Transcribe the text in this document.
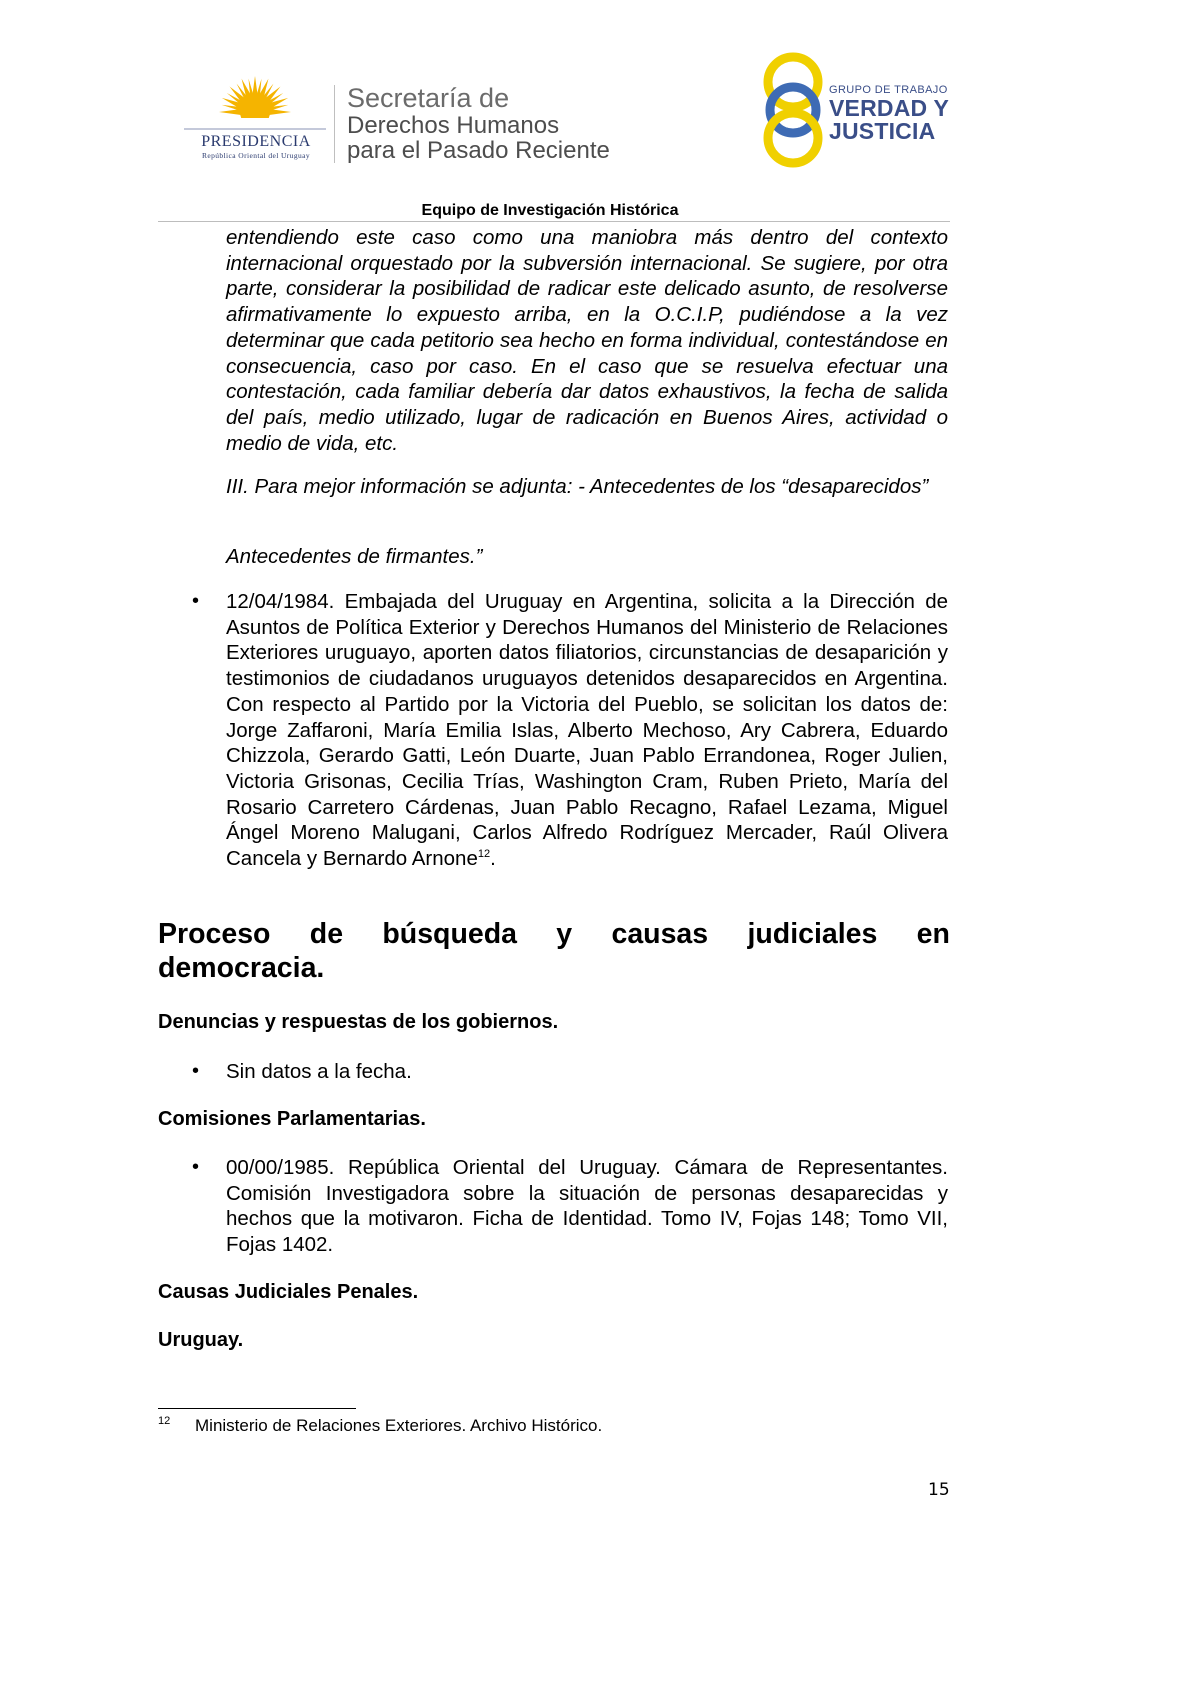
PRESIDENCIA
República Oriental del Uruguay
Secretaría de
Derechos Humanos
para el Pasado Reciente
GRUPO DE TRABAJO
VERDAD Y
JUSTICIA
Equipo de Investigación Histórica

entendiendo este caso como una maniobra más dentro del contexto internacional orquestado por la subversión internacional. Se sugiere, por otra parte, considerar la posibilidad de radicar este delicado asunto, de resolverse afirmativamente lo expuesto arriba, en la O.C.I.P, pudiéndose a la vez determinar que cada petitorio sea hecho en forma individual, contestándose en consecuencia, caso por caso. En el caso que se resuelva efectuar una contestación, cada familiar debería dar datos exhaustivos, la fecha de salida del país, medio utilizado, lugar de radicación en Buenos Aires, actividad o medio de vida, etc.

III. Para mejor información se adjunta: - Antecedentes de los “desaparecidos”

Antecedentes de firmantes.”

• 12/04/1984. Embajada del Uruguay en Argentina, solicita a la Dirección de Asuntos de Política Exterior y Derechos Humanos del Ministerio de Relaciones Exteriores uruguayo, aporten datos filiatorios, circunstancias de desaparición y testimonios de ciudadanos uruguayos detenidos desaparecidos en Argentina. Con respecto al Partido por la Victoria del Pueblo, se solicitan los datos de: Jorge Zaffaroni, María Emilia Islas, Alberto Mechoso, Ary Cabrera, Eduardo Chizzola, Gerardo Gatti, León Duarte, Juan Pablo Errandonea, Roger Julien, Victoria Grisonas, Cecilia Trías, Washington Cram, Ruben Prieto, María del Rosario Carretero Cárdenas, Juan Pablo Recagno, Rafael Lezama, Miguel Ángel Moreno Malugani, Carlos Alfredo Rodríguez Mercader, Raúl Olivera Cancela y Bernardo Arnone$^{12}$.

Proceso de búsqueda y causas judiciales en
democracia.
Denuncias y respuestas de los gobiernos.
• Sin datos a la fecha.

Comisiones Parlamentarias.
• 00/00/1985. República Oriental del Uruguay. Cámara de Representantes. Comisión Investigadora sobre la situación de personas desaparecidas y hechos que la motivaron. Ficha de Identidad. Tomo IV, Fojas 148; Tomo VII, Fojas 1402.

Causas Judiciales Penales.
Uruguay.
12 Ministerio de Relaciones Exteriores. Archivo Histórico.
15
